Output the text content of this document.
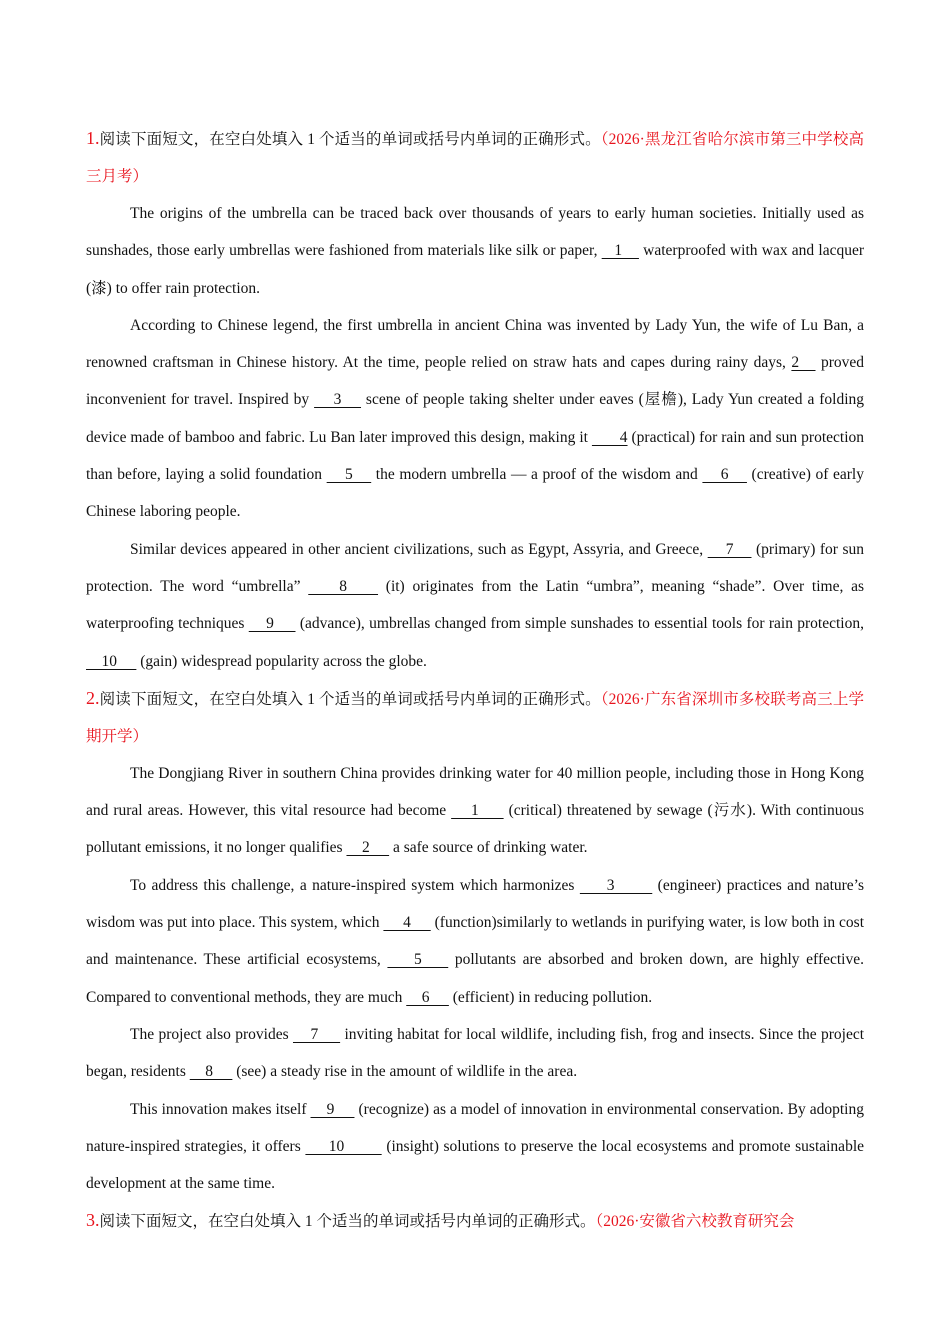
1.阅读下面短文，在空白处填入 1 个适当的单词或括号内单词的正确形式。（2026·黑龙江省哈尔滨市第三中学校高三月考）

The origins of the umbrella can be traced back over thousands of years to early human societies. Initially used as sunshades, those early umbrellas were fashioned from materials like silk or paper,    1     waterproofed with wax and lacquer (漆) to offer rain protection.

According to Chinese legend, the first umbrella in ancient China was invented by Lady Yun, the wife of Lu Ban, a renowned craftsman in Chinese history. At the time, people relied on straw hats and capes during rainy days, 2    proved inconvenient for travel. Inspired by     3     scene of people taking shelter under eaves (屋檐), Lady Yun created a folding device made of bamboo and fabric. Lu Ban later improved this design, making it        4 (practical) for rain and sun protection than before, laying a solid foundation     5     the modern umbrella — a proof of the wisdom and     6     (creative) of early Chinese laboring people.

Similar devices appeared in other ancient civilizations, such as Egypt, Assyria, and Greece,     7     (primary) for sun protection. The word “umbrella”     8     (it) originates from the Latin “umbra”, meaning “shade”. Over time, as waterproofing techniques     9      (advance), umbrellas changed from simple sunshades to essential tools for rain protection,     10      (gain) widespread popularity across the globe.

2.阅读下面短文，在空白处填入 1 个适当的单词或括号内单词的正确形式。（2026·广东省深圳市多校联考高三上学期开学）

The Dongjiang River in southern China provides drinking water for 40 million people, including those in Hong Kong and rural areas. However, this vital resource had become     1      (critical) threatened by sewage (污水). With continuous pollutant emissions, it no longer qualifies     2      a safe source of drinking water.

To address this challenge, a nature-inspired system which harmonizes      3        (engineer) practices and nature’s wisdom was put into place. This system, which      4      (function)similarly to wetlands in purifying water, is low both in cost and maintenance. These artificial ecosystems,     5     pollutants are absorbed and broken down, are highly effective. Compared to conventional methods, they are much     6      (efficient) in reducing pollution.

The project also provides     7      inviting habitat for local wildlife, including fish, frog and insects. Since the project began, residents     8      (see) a steady rise in the amount of wildlife in the area.

This innovation makes itself     9      (recognize) as a model of innovation in environmental conservation. By adopting nature-inspired strategies, it offers      10         (insight) solutions to preserve the local ecosystems and promote sustainable development at the same time.

3.阅读下面短文，在空白处填入 1 个适当的单词或括号内单词的正确形式。（2026·安徽省六校教育研究会
